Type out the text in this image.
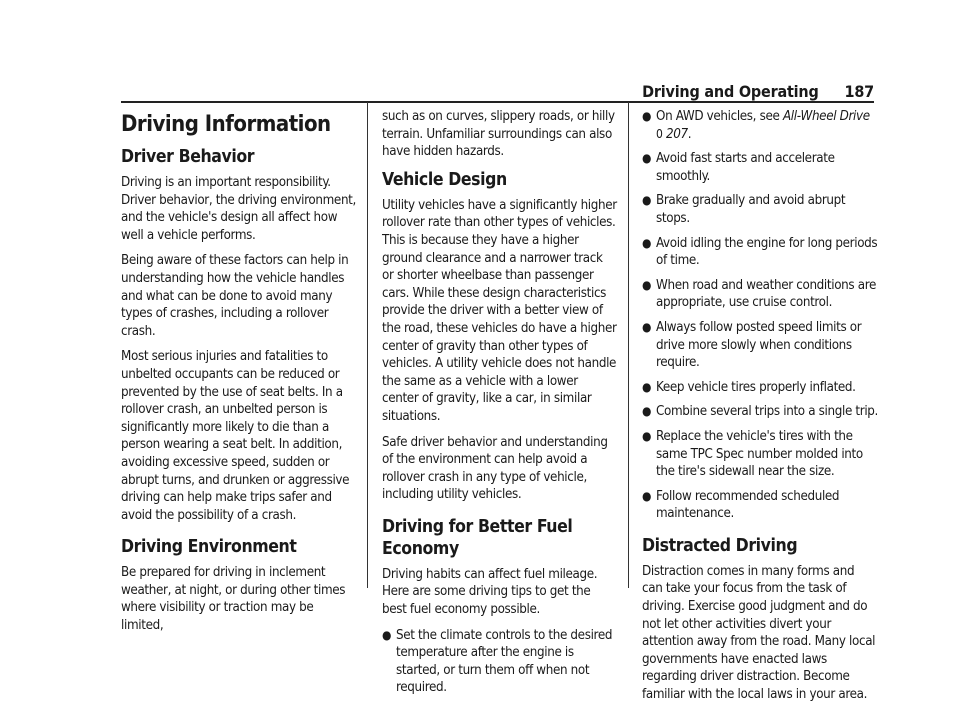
Driving and Operating 187
Driving Information
Driver Behavior

Driving is an important responsibility. Driver behavior, the driving environment, and the vehicle's design all affect how well a vehicle performs.

Being aware of these factors can help in understanding how the vehicle handles and what can be done to avoid many types of crashes, including a rollover crash.

Most serious injuries and fatalities to unbelted occupants can be reduced or prevented by the use of seat belts. In a rollover crash, an unbelted person is significantly more likely to die than a person wearing a seat belt. In addition, avoiding excessive speed, sudden or abrupt turns, and drunken or aggressive driving can help make trips safer and avoid the possibility of a crash.

Driving Environment

Be prepared for driving in inclement weather, at night, or during other times where visibility or traction may be limited,

such as on curves, slippery roads, or hilly terrain. Unfamiliar surroundings can also have hidden hazards.

Vehicle Design

Utility vehicles have a significantly higher rollover rate than other types of vehicles. This is because they have a higher ground clearance and a narrower track or shorter wheelbase than passenger cars. While these design characteristics provide the driver with a better view of the road, these vehicles do have a higher center of gravity than other types of vehicles. A utility vehicle does not handle the same as a vehicle with a lower center of gravity, like a car, in similar situations.

Safe driver behavior and understanding of the environment can help avoid a rollover crash in any type of vehicle, including utility vehicles.

Driving for Better Fuel Economy

Driving habits can affect fuel mileage. Here are some driving tips to get the best fuel economy possible.

● Set the climate controls to the desired temperature after the engine is started, or turn them off when not required.
● On AWD vehicles, see All-Wheel Drive
0 207.
● Avoid fast starts and accelerate smoothly.
● Brake gradually and avoid abrupt stops.
● Avoid idling the engine for long periods of time.
● When road and weather conditions are appropriate, use cruise control.
● Always follow posted speed limits or drive more slowly when conditions require.
● Keep vehicle tires properly inflated.
● Combine several trips into a single trip.
● Replace the vehicle's tires with the same TPC Spec number molded into the tire's sidewall near the size.
● Follow recommended scheduled maintenance.
Distracted Driving

Distraction comes in many forms and can take your focus from the task of driving. Exercise good judgment and do not let other activities divert your attention away from the road. Many local governments have enacted laws regarding driver distraction. Become familiar with the local laws in your area.
